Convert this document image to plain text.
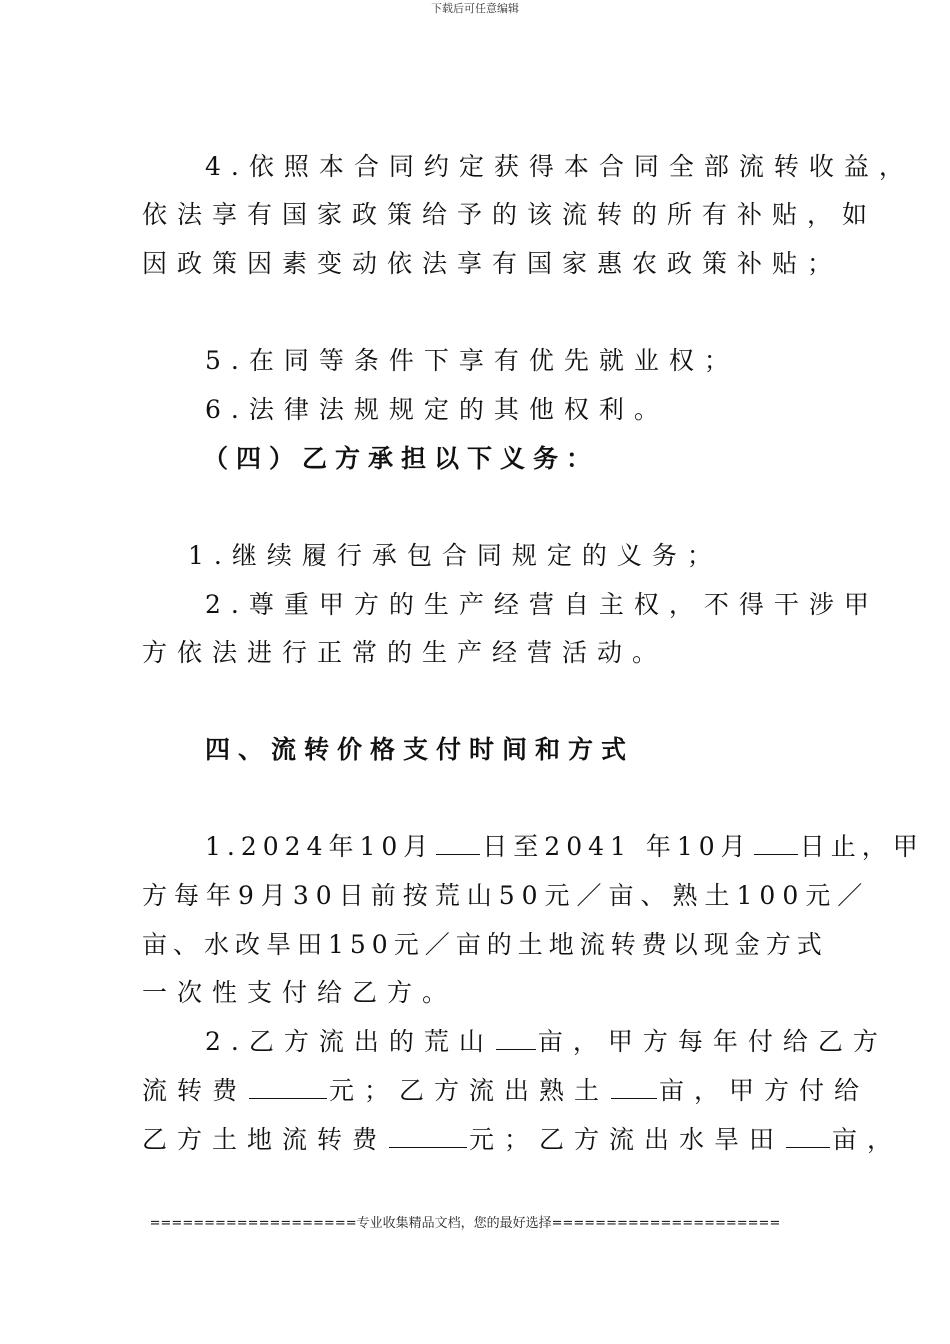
下载后可任意编辑
4.依照本合同约定获得本合同全部流转收益，
依法享有国家政策给予的该流转的所有补贴，如
因政策因素变动依法享有国家惠农政策补贴；
5.在同等条件下享有优先就业权；
6.法律法规规定的其他权利。
（四）乙方承担以下义务：
1.继续履行承包合同规定的义务；
2.尊重甲方的生产经营自主权，不得干涉甲
方依法进行正常的生产经营活动。
四、流转价格支付时间和方式
1.2024年10月 日至2041 年10月 日止，甲
方每年9月30日前按荒山50元／亩、熟土100元／
亩、水改旱田150元／亩的土地流转费以现金方式
一次性支付给乙方。
2.乙方流出的荒山 亩，甲方每年付给乙方
流转费	元；乙方流出熟土 亩，甲方付给
乙方土地流转费	元；乙方流出水旱田 亩，
===================专业收集精品文档，您的最好选择=====================
